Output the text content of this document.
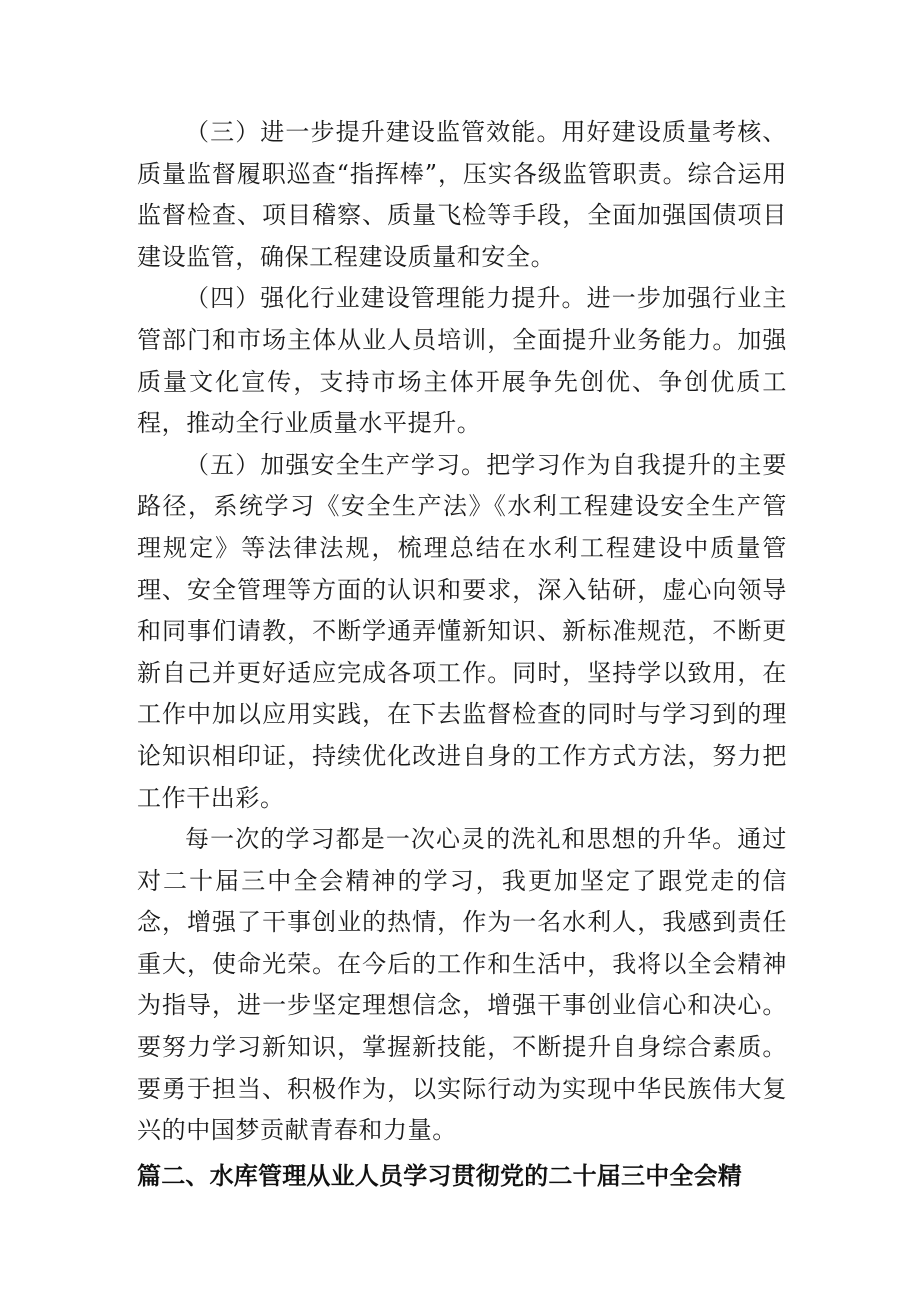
（三）进一步提升建设监管效能。用好建设质量考核、质量监督履职巡查“指挥棒”，压实各级监管职责。综合运用监督检查、项目稽察、质量飞检等手段，全面加强国债项目建设监管，确保工程建设质量和安全。

（四）强化行业建设管理能力提升。进一步加强行业主管部门和市场主体从业人员培训，全面提升业务能力。加强质量文化宣传，支持市场主体开展争先创优、争创优质工程，推动全行业质量水平提升。

（五）加强安全生产学习。把学习作为自我提升的主要路径，系统学习《安全生产法》《水利工程建设安全生产管理规定》等法律法规，梳理总结在水利工程建设中质量管理、安全管理等方面的认识和要求，深入钻研，虚心向领导和同事们请教，不断学通弄懂新知识、新标准规范，不断更新自己并更好适应完成各项工作。同时，坚持学以致用，在工作中加以应用实践，在下去监督检查的同时与学习到的理论知识相印证，持续优化改进自身的工作方式方法，努力把工作干出彩。

每一次的学习都是一次心灵的洗礼和思想的升华。通过对二十届三中全会精神的学习，我更加坚定了跟党走的信念，增强了干事创业的热情，作为一名水利人，我感到责任重大，使命光荣。在今后的工作和生活中，我将以全会精神为指导，进一步坚定理想信念，增强干事创业信心和决心。要努力学习新知识，掌握新技能，不断提升自身综合素质。要勇于担当、积极作为，以实际行动为实现中华民族伟大复兴的中国梦贡献青春和力量。

篇二、水库管理从业人员学习贯彻党的二十届三中全会精
